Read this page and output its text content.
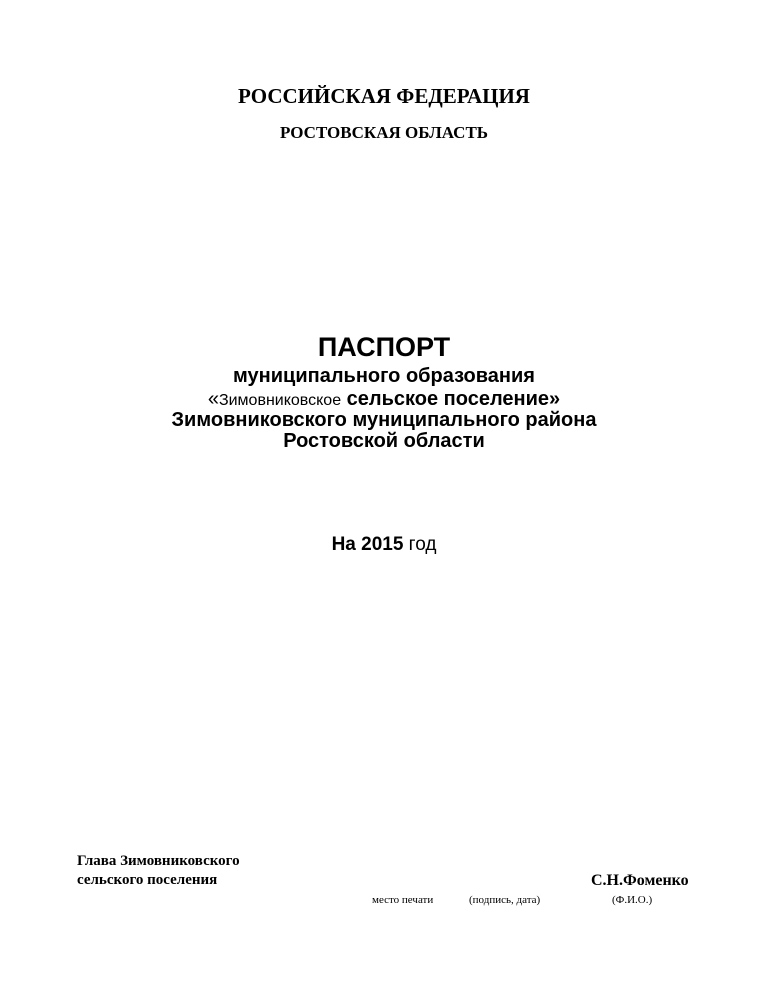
РОССИЙСКАЯ ФЕДЕРАЦИЯ
РОСТОВСКАЯ ОБЛАСТЬ
ПАСПОРТ
муниципального образования
«Зимовниковское сельское поселение»
Зимовниковского муниципального района
Ростовской области
На 2015 год
Глава Зимовниковского
сельского поселения	С.Н.Фоменко
место печати	(подпись, дата)	(Ф.И.О.)
